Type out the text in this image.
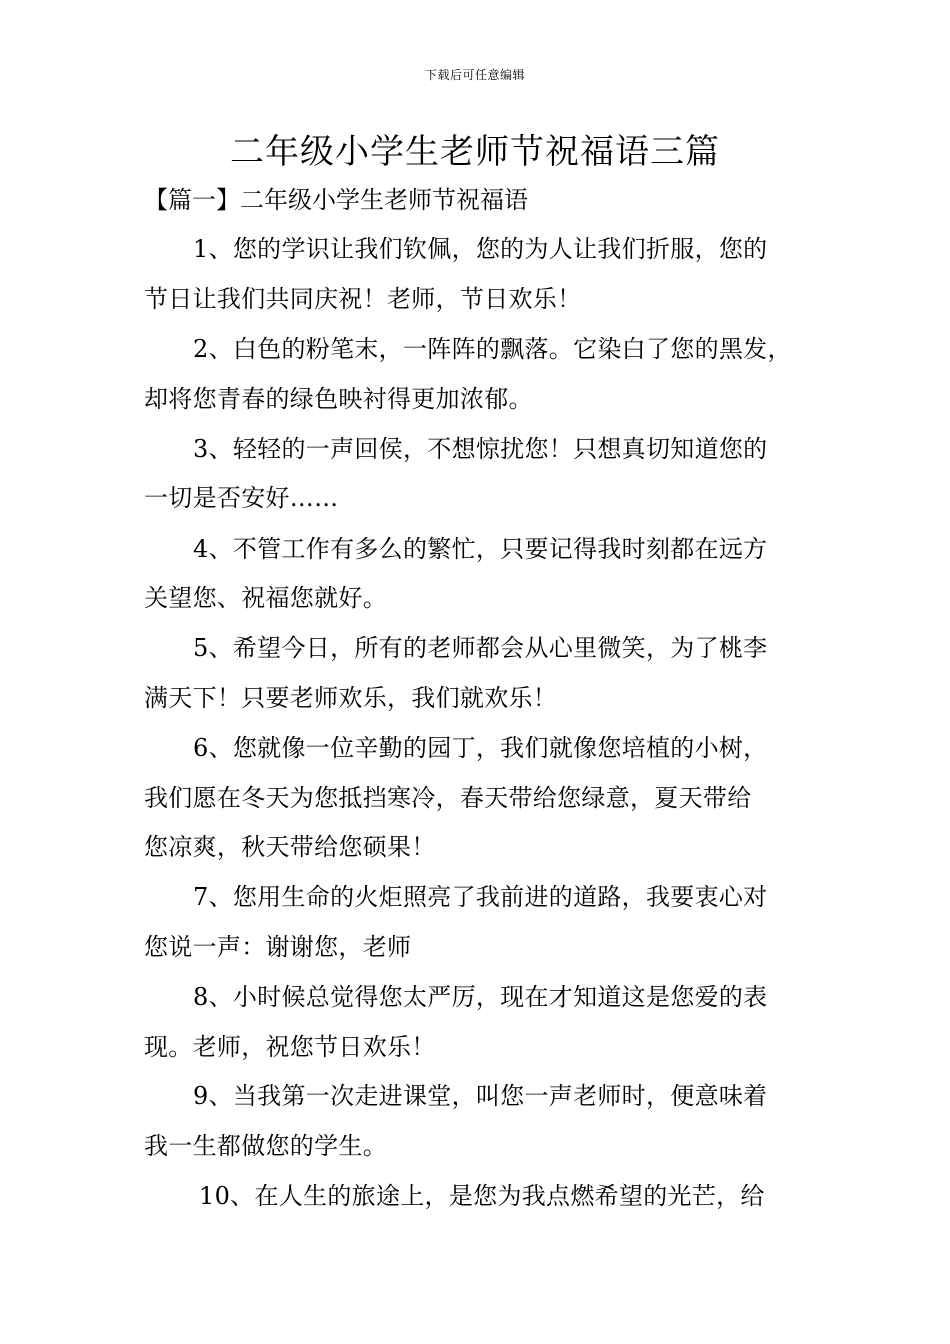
下载后可任意编辑
二年级小学生老师节祝福语三篇
【篇一】二年级小学生老师节祝福语
1、您的学识让我们钦佩，您的为人让我们折服，您的
节日让我们共同庆祝！老师，节日欢乐！
2、白色的粉笔末，一阵阵的飘落。它染白了您的黑发，
却将您青春的绿色映衬得更加浓郁。
3、轻轻的一声回侯，不想惊扰您！只想真切知道您的
一切是否安好……
4、不管工作有多么的繁忙，只要记得我时刻都在远方
关望您、祝福您就好。
5、希望今日，所有的老师都会从心里微笑，为了桃李
满天下！只要老师欢乐，我们就欢乐！
6、您就像一位辛勤的园丁，我们就像您培植的小树，
我们愿在冬天为您抵挡寒冷，春天带给您绿意，夏天带给
您凉爽，秋天带给您硕果！
7、您用生命的火炬照亮了我前进的道路，我要衷心对
您说一声：谢谢您，老师
8、小时候总觉得您太严厉，现在才知道这是您爱的表
现。老师，祝您节日欢乐！
9、当我第一次走进课堂，叫您一声老师时，便意味着
我一生都做您的学生。
10、在人生的旅途上，是您为我点燃希望的光芒，给
